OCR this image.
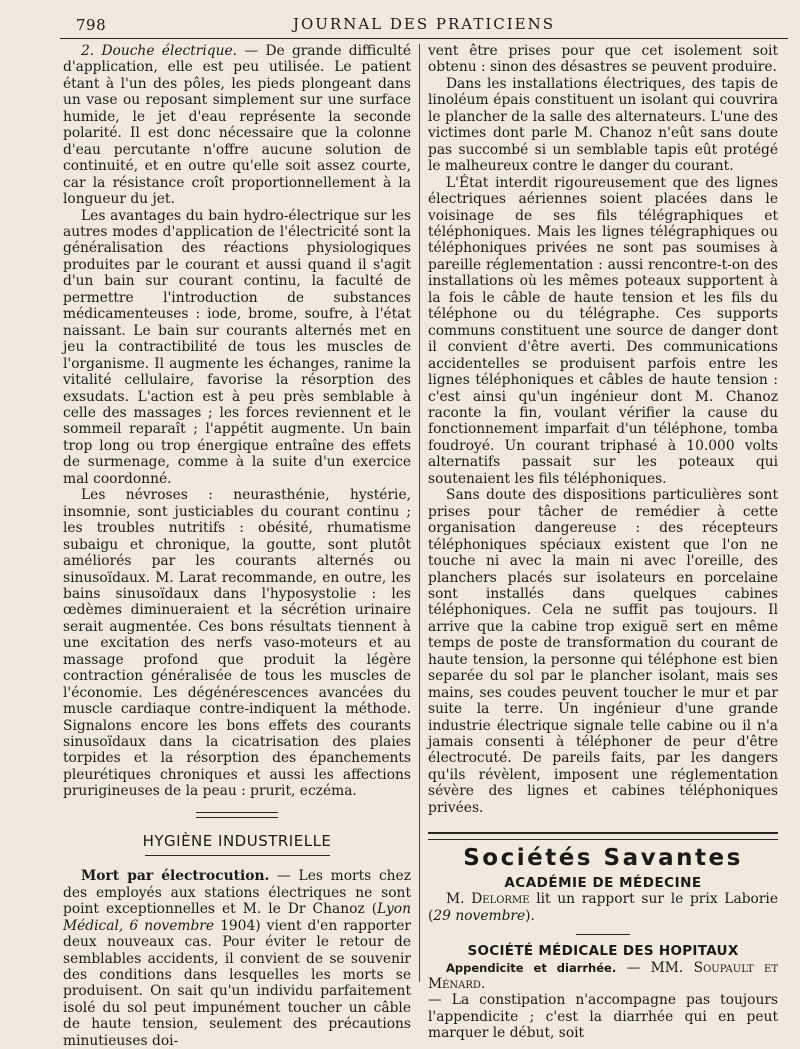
798	JOURNAL DES PRATICIENS

2. Douche électrique. — De grande difficulté d'application, elle est peu utilisée. Le patient étant à l'un des pôles, les pieds plongeant dans un vase ou reposant simplement sur une surface humide, le jet d'eau représente la seconde polarité. Il est donc nécessaire que la colonne d'eau percutante n'offre aucune solution de continuité, et en outre qu'elle soit assez courte, car la résistance croît proportionnellement à la longueur du jet.

Les avantages du bain hydro-électrique sur les autres modes d'application de l'électricité sont la généralisation des réactions physiologiques produites par le courant et aussi quand il s'agit d'un bain sur courant continu, la faculté de permettre l'introduction de substances médicamenteuses : iode, brome, soufre, à l'état naissant. Le bain sur courants alternés met en jeu la contractibilité de tous les muscles de l'organisme. Il augmente les échanges, ranime la vitalité cellulaire, favorise la résorption des exsudats. L'action est à peu près semblable à celle des massages ; les forces reviennent et le sommeil reparaît ; l'appétit augmente. Un bain trop long ou trop énergique entraîne des effets de surmenage, comme à la suite d'un exercice mal coordonné.

Les névroses : neurasthénie, hystérie, insomnie, sont justiciables du courant continu ; les troubles nutritifs : obésité, rhumatisme subaigu et chronique, la goutte, sont plutôt améliorés par les courants alternés ou sinusoïdaux. M. Larat recommande, en outre, les bains sinusoïdaux dans l'hyposystolie : les œdèmes diminueraient et la sécrétion urinaire serait augmentée. Ces bons résultats tiennent à une excitation des nerfs vaso-moteurs et au massage profond que produit la légère contraction généralisée de tous les muscles de l'économie. Les dégénérescences avancées du muscle cardiaque contre-indiquent la méthode. Signalons encore les bons effets des courants sinusoïdaux dans la cicatrisation des plaies torpides et la résorption des épanchements pleurétiques chroniques et aussi les affections prurigineuses de la peau : prurit, eczéma.

HYGIÈNE INDUSTRIELLE

Mort par électrocution. — Les morts chez des employés aux stations électriques ne sont point exceptionnelles et M. le Dr Chanoz (Lyon Médical, 6 novembre 1904) vient d'en rapporter deux nouveaux cas. Pour éviter le retour de semblables accidents, il convient de se souvenir des conditions dans lesquelles les morts se produisent. On sait qu'un individu parfaitement isolé du sol peut impunément toucher un câble de haute tension, seulement des précautions minutieuses doi-

vent être prises pour que cet isolement soit obtenu : sinon des désastres se peuvent produire.

Dans les installations électriques, des tapis de linoléum épais constituent un isolant qui couvrira le plancher de la salle des alternateurs. L'une des victimes dont parle M. Chanoz n'eût sans doute pas succombé si un semblable tapis eût protégé le malheureux contre le danger du courant.

L'État interdit rigoureusement que des lignes électriques aériennes soient placées dans le voisinage de ses fils télégraphiques et téléphoniques. Mais les lignes télégraphiques ou téléphoniques privées ne sont pas soumises à pareille réglementation : aussi rencontre-t-on des installations où les mêmes poteaux supportent à la fois le câble de haute tension et les fils du téléphone ou du télégraphe. Ces supports communs constituent une source de danger dont il convient d'être averti. Des communications accidentelles se produisent parfois entre les lignes téléphoniques et câbles de haute tension : c'est ainsi qu'un ingénieur dont M. Chanoz raconte la fin, voulant vérifier la cause du fonctionnement imparfait d'un téléphone, tomba foudroyé. Un courant triphasé à 10.000 volts alternatifs passait sur les poteaux qui soutenaient les fils téléphoniques.

Sans doute des dispositions particulières sont prises pour tâcher de remédier à cette organisation dangereuse : des récepteurs téléphoniques spéciaux existent que l'on ne touche ni avec la main ni avec l'oreille, des planchers placés sur isolateurs en porcelaine sont installés dans quelques cabines téléphoniques. Cela ne suffit pas toujours. Il arrive que la cabine trop exiguë sert en même temps de poste de transformation du courant de haute tension, la personne qui téléphone est bien separée du sol par le plancher isolant, mais ses mains, ses coudes peuvent toucher le mur et par suite la terre. Un ingénieur d'une grande industrie électrique signale telle cabine ou il n'a jamais consenti à téléphoner de peur d'être électrocuté. De pareils faits, par les dangers qu'ils révèlent, imposent une réglementation sévère des lignes et cabines téléphoniques privées.

Sociétés Savantes
ACADÉMIE DE MÉDECINE

M. Delorme lit un rapport sur le prix Laborie (29 novembre).

SOCIÉTÉ MÉDICALE DES HOPITAUX

Appendicite et diarrhée. — MM. Soupault et Ménard.

— La constipation n'accompagne pas toujours l'appendicite ; c'est la diarrhée qui en peut marquer le début, soit
